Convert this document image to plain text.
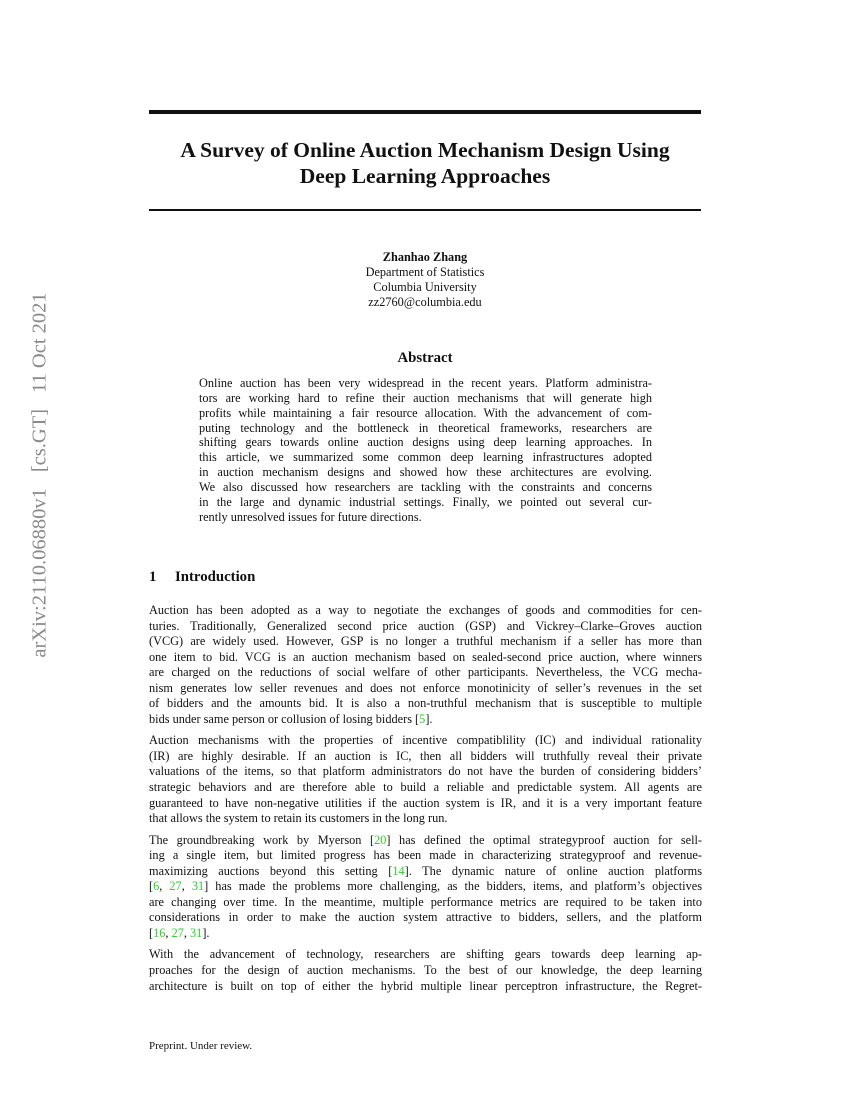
arXiv:2110.06880v1[cs.GT]11 Oct 2021
A Survey of Online Auction Mechanism Design Using
Deep Learning Approaches
Zhanhao Zhang
Department of Statistics
Columbia University
zz2760@columbia.edu
Abstract
Online auction has been very widespread in the recent years. Platform administra-
tors are working hard to refine their auction mechanisms that will generate high
profits while maintaining a fair resource allocation. With the advancement of com-
puting technology and the bottleneck in theoretical frameworks, researchers are
shifting gears towards online auction designs using deep learning approaches. In
this article, we summarized some common deep learning infrastructures adopted
in auction mechanism designs and showed how these architectures are evolving.
We also discussed how researchers are tackling with the constraints and concerns
in the large and dynamic industrial settings. Finally, we pointed out several cur-
rently unresolved issues for future directions.
1 Introduction
Auction has been adopted as a way to negotiate the exchanges of goods and commodities for cen-
turies. Traditionally, Generalized second price auction (GSP) and Vickrey–Clarke–Groves auction
(VCG) are widely used. However, GSP is no longer a truthful mechanism if a seller has more than
one item to bid. VCG is an auction mechanism based on sealed-second price auction, where winners
are charged on the reductions of social welfare of other participants. Nevertheless, the VCG mecha-
nism generates low seller revenues and does not enforce monotinicity of seller’s revenues in the set
of bidders and the amounts bid. It is also a non-truthful mechanism that is susceptible to multiple
bids under same person or collusion of losing bidders [5].
Auction mechanisms with the properties of incentive compatiblility (IC) and individual rationality
(IR) are highly desirable. If an auction is IC, then all bidders will truthfully reveal their private
valuations of the items, so that platform administrators do not have the burden of considering bidders’
strategic behaviors and are therefore able to build a reliable and predictable system. All agents are
guaranteed to have non-negative utilities if the auction system is IR, and it is a very important feature
that allows the system to retain its customers in the long run.
The groundbreaking work by Myerson [20] has defined the optimal strategyproof auction for sell-
ing a single item, but limited progress has been made in characterizing strategyproof and revenue-
maximizing auctions beyond this setting [14]. The dynamic nature of online auction platforms
[6, 27, 31] has made the problems more challenging, as the bidders, items, and platform’s objectives
are changing over time. In the meantime, multiple performance metrics are required to be taken into
considerations in order to make the auction system attractive to bidders, sellers, and the platform
[16, 27, 31].
With the advancement of technology, researchers are shifting gears towards deep learning ap-
proaches for the design of auction mechanisms. To the best of our knowledge, the deep learning
architecture is built on top of either the hybrid multiple linear perceptron infrastructure, the Regret-
Preprint. Under review.
